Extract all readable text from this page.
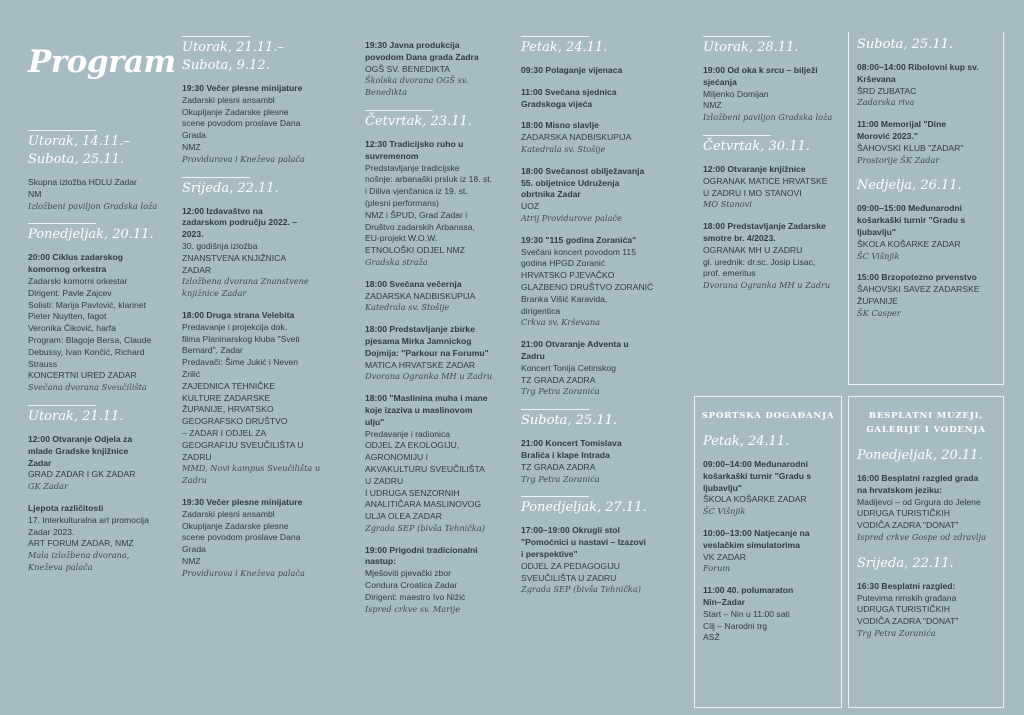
Program
Utorak, 14.11.–
Subota, 25.11.
Skupna izložba HDLU Zadar
NM
Izložbeni paviljon Gradska loža
Ponedjeljak, 20.11.
20:00 Ciklus zadarskog
komornog orkestra
Zadarski komorni orkestar
Dirigent: Pavle Zajcev
Solisti: Marija Pavlović, klarinet
Pieter Nuytten, fagot
Veronika Ćiković, harfa
Program: Blagoje Bersa, Claude
Debussy, Ivan Končić, Richard
Strauss
KONCERTNI URED ZADAR
Svečana dvorana Sveučilišta
Utorak, 21.11.
12:00 Otvaranje Odjela za
mlade Gradske knjižnice
Zadar
GRAD ZADAR I GK ZADAR
GK Zadar
Ljepota različitosti
17. Interkulturalna art promocija
Zadar 2023.
ART FORUM ZADAR, NMZ
Mala izložbena dvorana,
Kneževa palača
Utorak, 21.11.–
Subota, 9.12.
19:30 Večer plesne minijature
Zadarski plesni ansambl
Okupljanje Zadarske plesne
scene povodom proslave Dana
Grada
NMZ
Providurova i Kneževa palača
Srijeda, 22.11.
12:00 Izdavaštvo na
zadarskom području 2022. –
2023.
30. godišnja izložba
ZNANSTVENA KNJIŽNICA
ZADAR
Izložbena dvorana Znanstvene
knjižnice Zadar
18:00 Druga strana Velebita
Predavanje i projekcija dok.
filma Planinarskog kluba "Sveti
Bernard", Zadar
Predavači: Šime Jukić i Neven
Zrilić
ZAJEDNICA TEHNIČKE
KULTURE ZADARSKE
ŽUPANIJE, HRVATSKO
GEOGRAFSKO DRUŠTVO
– ZADAR I ODJEL ZA
GEOGRAFIJU SVEUČILIŠTA U
ZADRU
MMD, Novi kampus Sveučilišta u
Zadru
19:30 Večer plesne minijature
Zadarski plesni ansambl
Okupljanje Zadarske plesne
scene povodom proslave Dana
Grada
NMZ
Providurova i Kneževa palača
19:30 Javna produkcija
povodom Dana grada Zadra
OGŠ SV. BENEDIKTA
Školska dvorana OGŠ sv. Benedikta
Četvrtak, 23.11.
12:30 Tradicijsko ruho u
suvremenom
Predstavljanje tradicijske
nošnje: arbanaški prsluk iz 18. st.
i Diliva vjenčanica iz 19. st.
(plesni performans)
NMZ i ŠPUD, Grad Zadar i
Društvo zadarskih Arbanasa,
EU-projekt W.O.W.
ETNOLOŠKI ODJEL NMZ
Gradska straža
18:00 Svečana večernja
ZADARSKA NADBISKUPIJA
Katedrala sv. Stošije
18:00 Predstavljanje zbirke
pjesama Mirka Jamnickog
Dojmija: "Parkour na Forumu"
MATICA HRVATSKE ZADAR
Dvorana Ogranka MH u Zadru
18:00 "Maslinina muha i mane
koje izaziva u maslinovom
ulju"
Predavanje i radionica
ODJEL ZA EKOLOGIJU,
AGRONOMIJU I
AKVAKULTURU SVEUČILIŠTA
U ZADRU
I UDRUGA SENZORNIH
ANALITIČARA MASLINOVOG
ULJA OLEA ZADAR
Zgrada SEP (bivša Tehnička)
19:00 Prigodni tradicionalni
nastup:
Mješoviti pjevački zbor
Condura Croatica Zadar
Dirigent: maestro Ivo Nižić
Ispred crkve sv. Marije
Petak, 24.11.
09:30 Polaganje vijenaca
11:00 Svečana sjednica
Gradskoga vijeća
18:00 Misno slavlje
ZADARSKA NADBISKUPIJA
Katedrala sv. Stošije
18:00 Svečanost obilježavanja
55. obljetnice Udruženja
obrtnika Zadar
UOZ
Atrij Providurove palače
19:30 "115 godina Zoranića"
Svečani koncert povodom 115
godina HPGD Zoranić
HRVATSKO PJEVAČKO
GLAZBENO DRUŠTVO ZORANIĆ
Branka Višić Karavida,
dirigentica
Crkva sv. Krševana
21:00 Otvaranje Adventa u
Zadru
Koncert Tonija Cetinskog
TZ GRADA ZADRA
Trg Petra Zoranića
Subota, 25.11.
21:00 Koncert Tomislava
Bralića i klape Intrada
TZ GRADA ZADRA
Trg Petra Zoranića
Ponedjeljak, 27.11.
17:00–19:00 Okrugli stol
"Pomoćnici u nastavi – Izazovi
i perspektive"
ODJEL ZA PEDAGOGIJU
SVEUČILIŠTA U ZADRU
Zgrada SEP (bivša Tehnička)
Utorak, 28.11.
19:00 Od oka k srcu – bilježi
sjećanja
Miljenko Domijan
NMZ
Izložbeni paviljon Gradska loža
Četvrtak, 30.11.
12:00 Otvaranje knjižnice
OGRANAK MATICE HRVATSKE
U ZADRU I MO STANOVI
MO Stanovi
18:00 Predstavljanje Zadarske
smotre br. 4/2023.
OGRANAK MH U ZADRU
gl. urednik: dr.sc. Josip Lisac,
prof. emeritus
Dvorana Ogranka MH u Zadru
SPORTSKA DOGAĐANJA
Petak, 24.11.
09:00–14:00 Međunarodni
košarkaški turnir "Gradu s
ljubavlju"
ŠKOLA KOŠARKE ZADAR
ŠC Višnjik
10:00–13:00 Natjecanje na
veslačkim simulatorima
VK ZADAR
Forum
11:00 40. polumaraton
Nin–Zadar
Start – Nin u 11:00 sati
Cilj – Narodni trg
ASŽ
Subota, 25.11.
08:00–14:00 Ribolovni kup sv.
Krševana
ŠRD ZUBATAC
Zadarska riva
11:00 Memorijal "Dine
Morović 2023."
ŠAHOVSKI KLUB "ZADAR"
Prostorije ŠK Zadar
Nedjelja, 26.11.
09:00–15:00 Međunarodni
košarkaški turnir "Gradu s
ljubavlju"
ŠKOLA KOŠARKE ZADAR
ŠC Višnjik
15:00 Brzopotezno prvenstvo
ŠAHOVSKI SAVEZ ZADARSKE
ŽUPANIJE
ŠK Casper
BESPLATNI MUZEJI,
GALERIJE I VODENJA
Ponedjeljak, 20.11.
16:00 Besplatni razgled grada
na hrvatskom jeziku:
Madijevci – od Grgura do Jelene
UDRUGA TURISTIČKIH
VODIČA ZADRA "DONAT"
Ispred crkve Gospe od zdravlja
Srijeda, 22.11.
16:30 Besplatni razgled:
Putevima rimskih građana
UDRUGA TURISTIČKIH
VODIČA ZADRA "DONAT"
Trg Petra Zoranića
